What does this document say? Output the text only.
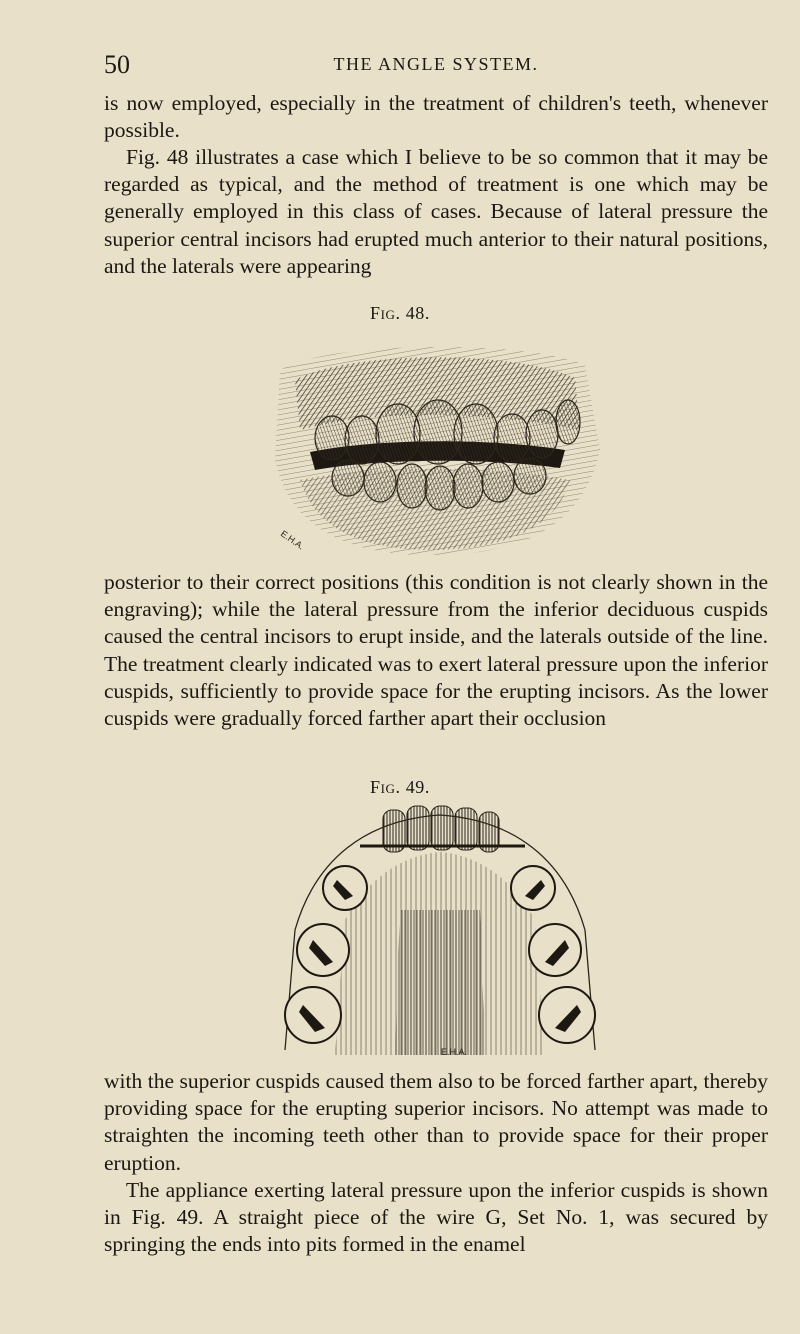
50	THE ANGLE SYSTEM.

is now employed, especially in the treatment of children's teeth, whenever possible.

Fig. 48 illustrates a case which I believe to be so common that it may be regarded as typical, and the method of treatment is one which may be generally employed in this class of cases. Because of lateral pressure the superior central incisors had erupted much anterior to their natural positions, and the laterals were appearing

Fig. 48.
E.H.A.

posterior to their correct positions (this condition is not clearly shown in the engraving); while the lateral pressure from the inferior deciduous cuspids caused the central incisors to erupt inside, and the laterals outside of the line. The treatment clearly indicated was to exert lateral pressure upon the inferior cuspids, sufficiently to provide space for the erupting incisors. As the lower cuspids were gradually forced farther apart their occlusion

Fig. 49.
E.H.A.

with the superior cuspids caused them also to be forced farther apart, thereby providing space for the erupting superior incisors. No attempt was made to straighten the incoming teeth other than to provide space for their proper eruption.

The appliance exerting lateral pressure upon the inferior cuspids is shown in Fig. 49. A straight piece of the wire G, Set No. 1, was secured by springing the ends into pits formed in the enamel
